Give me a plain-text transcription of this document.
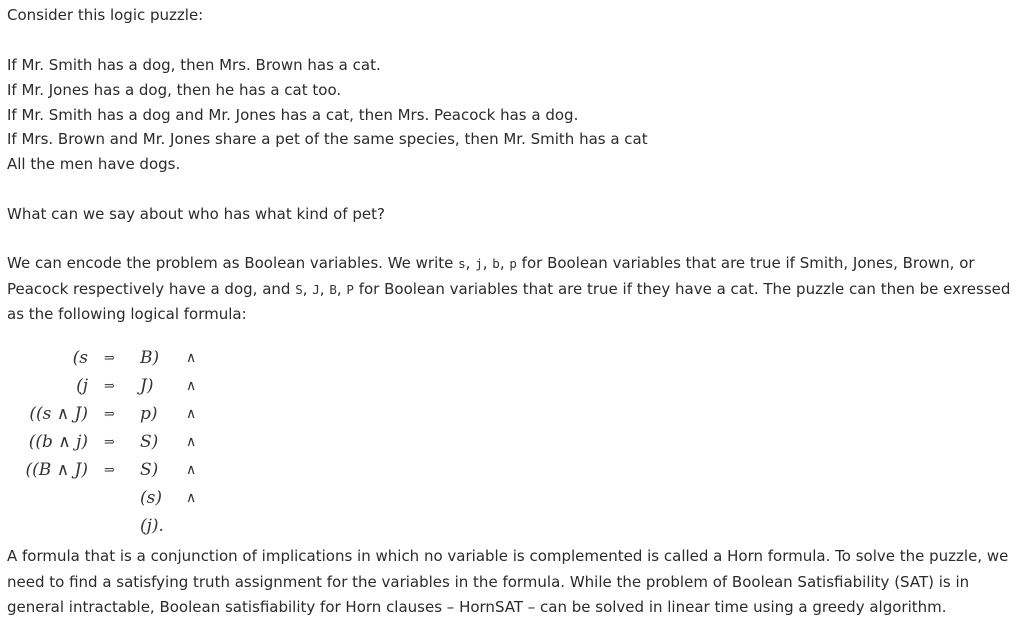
Consider this logic puzzle:
If Mr. Smith has a dog, then Mrs. Brown has a cat.
If Mr. Jones has a dog, then he has a cat too.
If Mr. Smith has a dog and Mr. Jones has a cat, then Mrs. Peacock has a dog.
If Mrs. Brown and Mr. Jones share a pet of the same species, then Mr. Smith has a cat
All the men have dogs.
What can we say about who has what kind of pet?
We can encode the problem as Boolean variables. We write s, j, b, p for Boolean variables that are true if Smith, Jones, Brown, or Peacock respectively have a dog, and S, J, B, P for Boolean variables that are true if they have a cat. The puzzle can then be exressed as the following logical formula:
(s ⇒ B) ∧
(j ⇒ J) ∧
((s ∧ J) ⇒ p) ∧
((b ∧ j) ⇒ S) ∧
((B ∧ J) ⇒ S) ∧
(s) ∧
(j).
A formula that is a conjunction of implications in which no variable is complemented is called a Horn formula. To solve the puzzle, we need to find a satisfying truth assignment for the variables in the formula. While the problem of Boolean Satisfiability (SAT) is in general intractable, Boolean satisfiability for Horn clauses – HornSAT – can be solved in linear time using a greedy algorithm.
